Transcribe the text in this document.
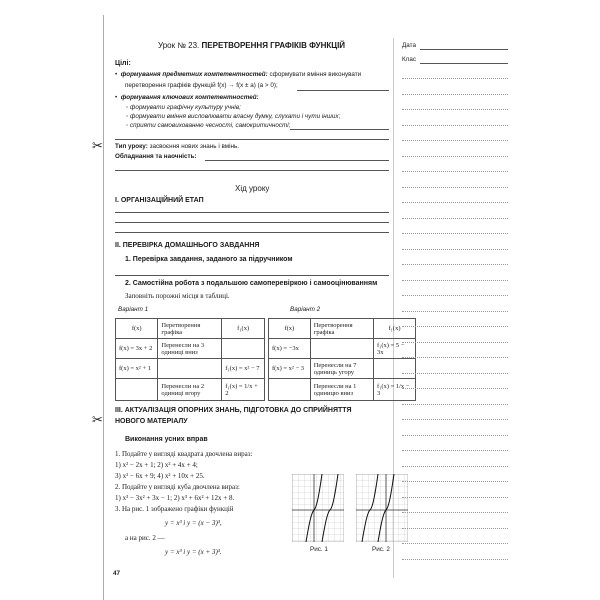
✂
✂
Урок № 23. ПЕРЕТВОРЕННЯ ГРАФІКІВ ФУНКЦІЙ	Дата
Клас
Цілі:
•  формування предметних компетентностей: сформувати вміння виконувати
перетворення графіків функцій f(x) → f(x ± a) (a > 0);
•  формування ключових компетентностей:
◦ формувати графічну культуру учнів;
◦ формувати вміння висловлювати власну думку, слухати і чути інших;
◦ сприяти самовихованню чесності, самокритичності;
Тип уроку: засвоєння нових знань і вмінь.
Обладнання та наочність:
Хід уроку
І. ОРГАНІЗАЦІЙНИЙ ЕТАП
ІІ. ПЕРЕВІРКА ДОМАШНЬОГО ЗАВДАННЯ
1. Перевірка завдання, заданого за підручником
2. Самостійна робота з подальшою самоперевіркою і самооцінюванням
Заповніть порожні місця в таблиці.
Варіант 1	Варіант 2
f(x)	Перетворення графіка	f₁(x)
f(x) = 3x + 2	Перенесли на 3 одиниці вниз	
f(x) = x² + 1		f₁(x) = x² − 7
	Перенесли на 2 одиниці вгору	f₁(x) = 1/x + 2
f(x)	Перетворення графіка	f₁(x)
f(x) = −3x		f₁(x) = 5 − 3x
f(x) = x² − 3	Перенесли на 7 одиниць угору	
	Перенесли на 1 одиницю вниз	f₁(x) = 1/x − 3
ІІІ. АКТУАЛІЗАЦІЯ ОПОРНИХ ЗНАНЬ, ПІДГОТОВКА ДО СПРИЙНЯТТЯ
НОВОГО МАТЕРІАЛУ
Виконання усних вправ
1. Подайте у вигляді квадрата двочлена вираз:
1) x² − 2x + 1; 2) x² + 4x + 4;
3) x² − 6x + 9; 4) x² + 10x + 25.
2. Подайте у вигляді куба двочлена вираз:
1) x³ − 3x² + 3x − 1; 2) x³ + 6x² + 12x + 8.
3. На рис. 1 зображено графіки функцій
y = x³ і y = (x − 3)³,
а на рис. 2 —
y = x³ і y = (x + 3)³.	Рис. 1	Рис. 2
47
